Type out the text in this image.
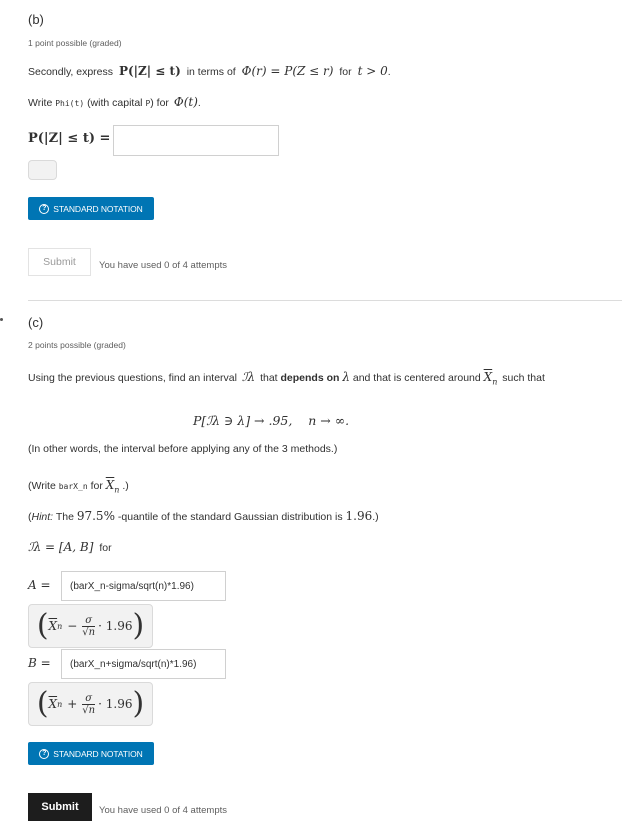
(b)
1 point possible (graded)
Secondly, express P(|Z| ≤ t) in terms of Φ(r) = P(Z ≤ r) for t > 0.
Write Phi(t) (with capital P) for Φ(t).
P(|Z| ≤ t) =
? STANDARD NOTATION
Submit	You have used 0 of 4 attempts
(c)
2 points possible (graded)
Using the previous questions, find an interval ℐλ that depends on λ and that is centered around $\overline{X}_n$ such that
P[ℐλ ∋ λ] → .95,    n → ∞.
(In other words, the interval before applying any of the 3 methods.)
(Write barX_n for $\overline{X}_n$ .)
(Hint: The 97.5% -quantile of the standard Gaussian distribution is 1.96.)
ℐλ = [A, B] for
A = (barX_n-sigma/sqrt(n)*1.96)
( $\overline{X}$ $n - \frac{\sigma}{√n} \cdot 1.96$ )
B = (barX_n+sigma/sqrt(n)*1.96)
( $\overline{X}$ $n + \frac{\sigma}{√n} \cdot 1.96$ )
? STANDARD NOTATION
Submit	You have used 0 of 4 attempts
